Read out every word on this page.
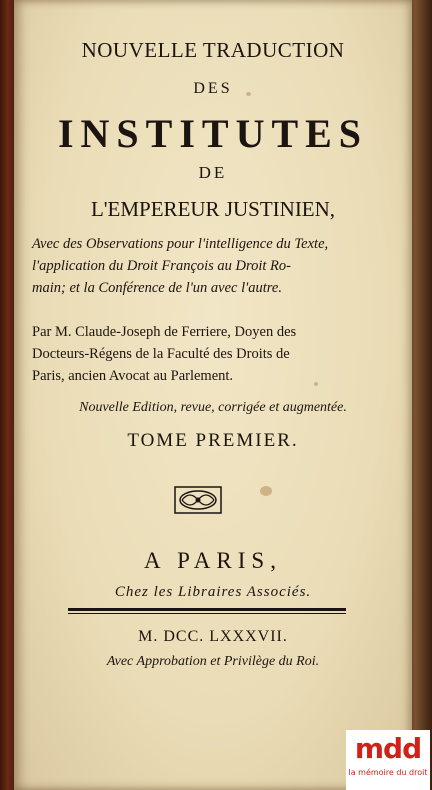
NOUVELLE TRADUCTION
DES
INSTITUTES
DE
L'EMPEREUR JUSTINIEN,
Avec des Observations pour l'intelligence du Texte,
l'application du Droit François au Droit Ro-
main; et la Conférence de l'un avec l'autre.
Par M. Claude-Joseph de Ferriere, Doyen des
Docteurs-Régens de la Faculté des Droits de
Paris, ancien Avocat au Parlement.
Nouvelle Edition, revue, corrigée et augmentée.
TOME PREMIER.
A PARIS,
Chez les Libraires Associés.
M. DCC. LXXXVII.
Avec Approbation et Privilège du Roi.
mdd
la mémoire du droit
